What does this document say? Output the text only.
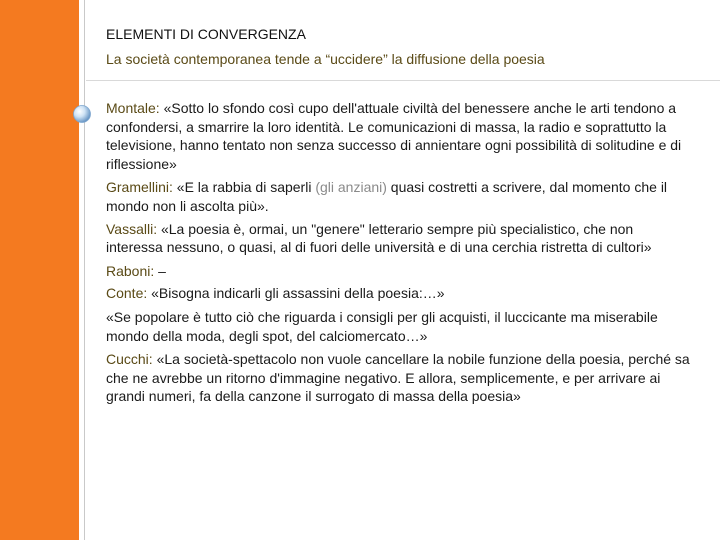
ELEMENTI DI CONVERGENZA
La società contemporanea tende a “uccidere” la diffusione della poesia

Montale: «Sotto lo sfondo così cupo dell'attuale civiltà del benessere anche le arti tendono a confondersi, a smarrire la loro identità. Le comunicazioni di massa, la radio e soprattutto la televisione, hanno tentato non senza successo di annientare ogni possibilità di solitudine e di riflessione»

Gramellini: «E la rabbia di saperli (gli anziani) quasi costretti a scrivere, dal momento che il mondo non li ascolta più».

Vassalli: «La poesia è, ormai, un "genere" letterario sempre più specialistico, che non interessa nessuno, o quasi, al di fuori delle università e di una cerchia ristretta di cultori»

Raboni: –

Conte: «Bisogna indicarli gli assassini della poesia:…»

«Se popolare è tutto ciò che riguarda i consigli per gli acquisti, il luccicante ma miserabile mondo della moda, degli spot, del calciomercato…»

Cucchi: «La società-spettacolo non vuole cancellare la nobile funzione della poesia, perché sa che ne avrebbe un ritorno d'immagine negativo. E allora, semplicemente, e per arrivare ai grandi numeri, fa della canzone il surrogato di massa della poesia»
